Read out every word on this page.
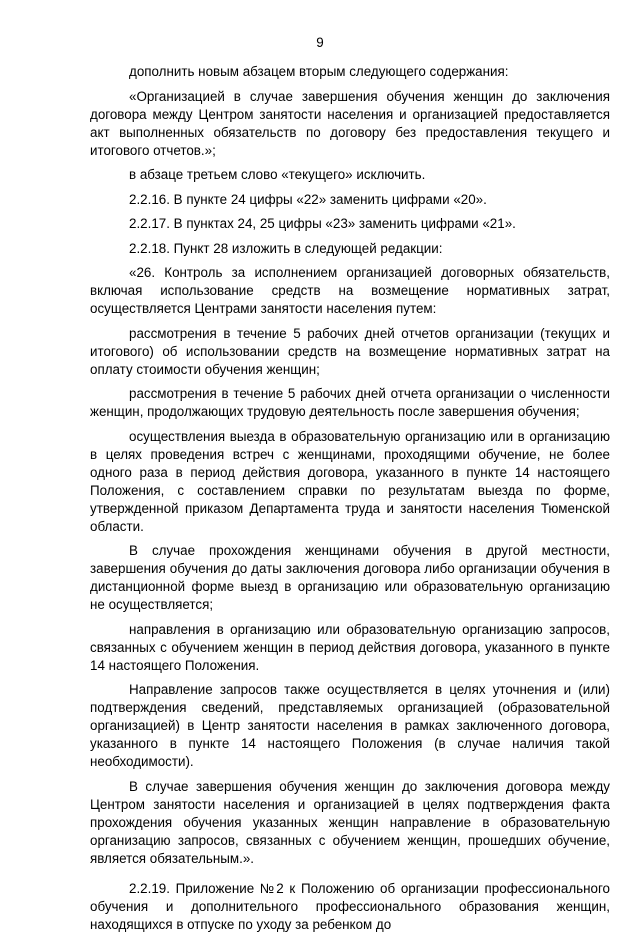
9

дополнить новым абзацем вторым следующего содержания:

«Организацией в случае завершения обучения женщин до заключения договора между Центром занятости населения и организацией предоставляется акт выполненных обязательств по договору без предоставления текущего и итогового отчетов.»;

в абзаце третьем слово «текущего» исключить.

2.2.16. В пункте 24 цифры «22» заменить цифрами «20».

2.2.17. В пунктах 24, 25 цифры «23» заменить цифрами «21».

2.2.18. Пункт 28 изложить в следующей редакции:

«26. Контроль за исполнением организацией договорных обязательств, включая использование средств на возмещение нормативных затрат, осуществляется Центрами занятости населения путем:

рассмотрения в течение 5 рабочих дней отчетов организации (текущих и итогового) об использовании средств на возмещение нормативных затрат на оплату стоимости обучения женщин;

рассмотрения в течение 5 рабочих дней отчета организации о численности женщин, продолжающих трудовую деятельность после завершения обучения;

осуществления выезда в образовательную организацию или в организацию в целях проведения встреч с женщинами, проходящими обучение, не более одного раза в период действия договора, указанного в пункте 14 настоящего Положения, с составлением справки по результатам выезда по форме, утвержденной приказом Департамента труда и занятости населения Тюменской области.

В случае прохождения женщинами обучения в другой местности, завершения обучения до даты заключения договора либо организации обучения в дистанционной форме выезд в организацию или образовательную организацию не осуществляется;

направления в организацию или образовательную организацию запросов, связанных с обучением женщин в период действия договора, указанного в пункте 14 настоящего Положения.

Направление запросов также осуществляется в целях уточнения и (или) подтверждения сведений, представляемых организацией (образовательной организацией) в Центр занятости населения в рамках заключенного договора, указанного в пункте 14 настоящего Положения (в случае наличия такой необходимости).

В случае завершения обучения женщин до заключения договора между Центром занятости населения и организацией в целях подтверждения факта прохождения обучения указанных женщин направление в образовательную организацию запросов, связанных с обучением женщин, прошедших обучение, является обязательным.».

2.2.19. Приложение №2 к Положению об организации профессионального обучения и дополнительного профессионального образования женщин, находящихся в отпуске по уходу за ребенком до
